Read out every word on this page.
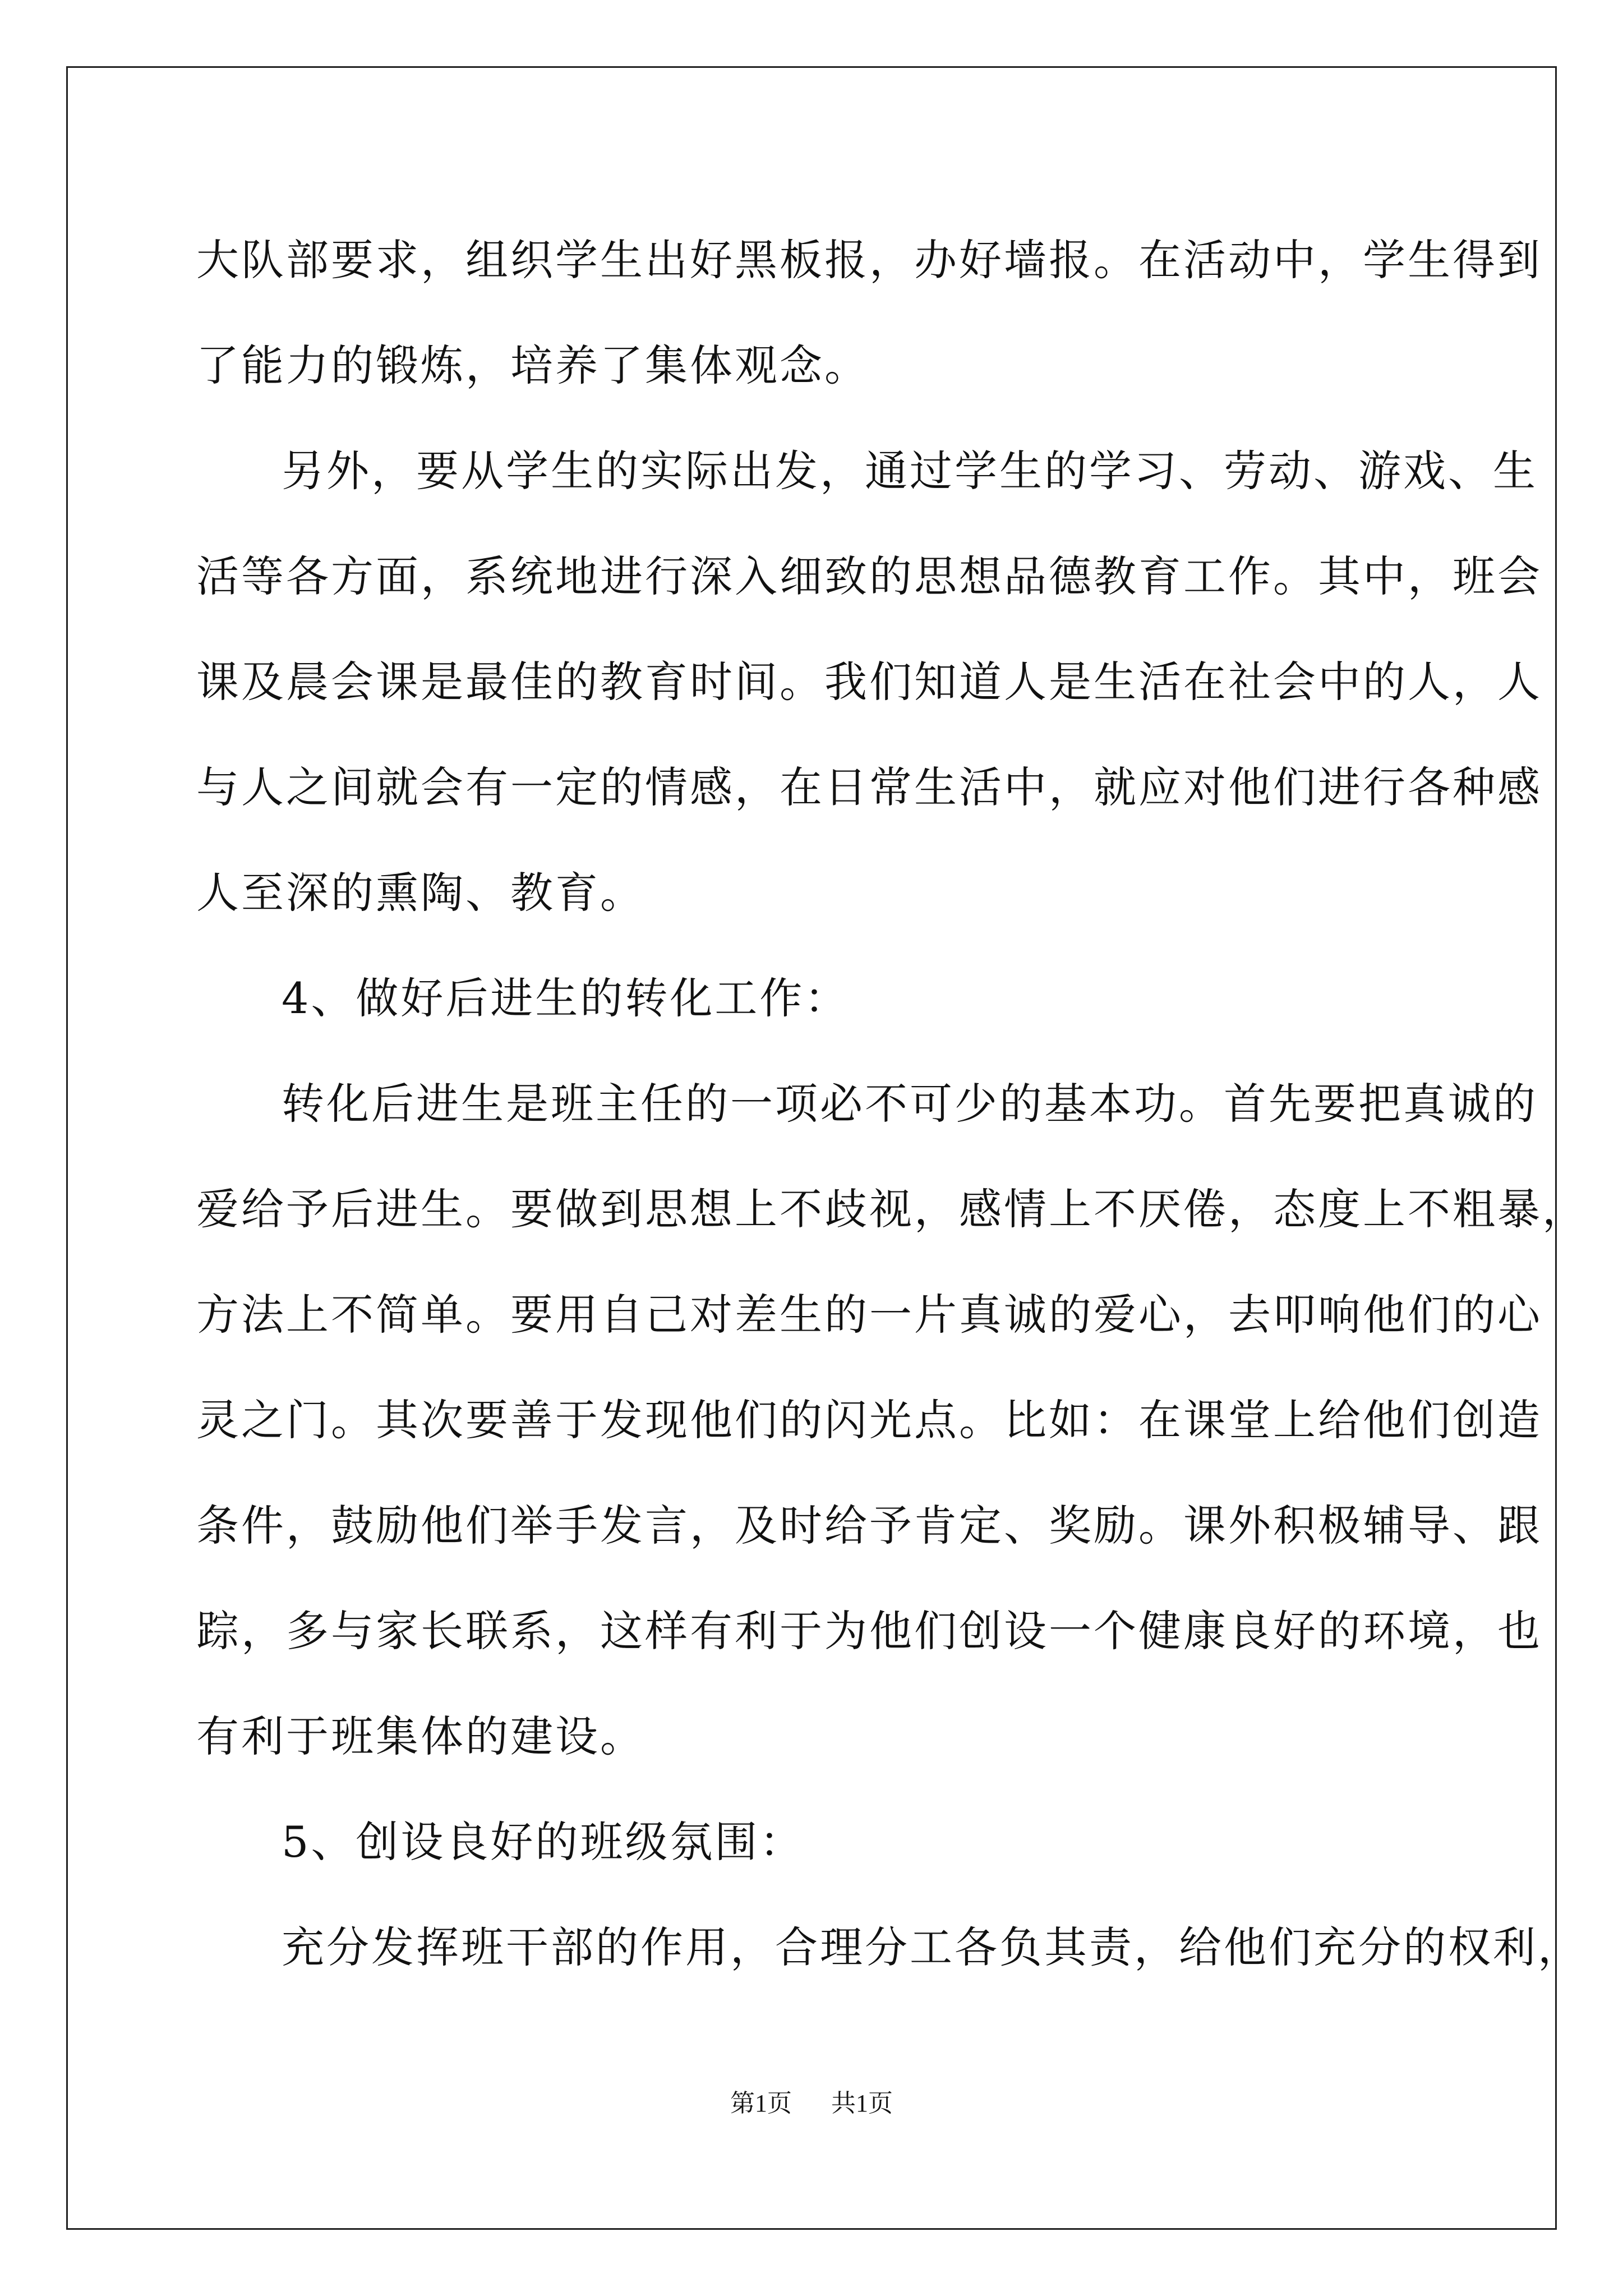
大队部要求，组织学生出好黑板报，办好墙报。在活动中，学生得到
了能力的锻炼，培养了集体观念。
另外，要从学生的实际出发，通过学生的学习、劳动、游戏、生
活等各方面，系统地进行深入细致的思想品德教育工作。其中，班会
课及晨会课是最佳的教育时间。我们知道人是生活在社会中的人，人
与人之间就会有一定的情感，在日常生活中，就应对他们进行各种感
人至深的熏陶、教育。
4、做好后进生的转化工作：
转化后进生是班主任的一项必不可少的基本功。首先要把真诚的
爱给予后进生。要做到思想上不歧视，感情上不厌倦，态度上不粗暴，
方法上不简单。要用自己对差生的一片真诚的爱心，去叩响他们的心
灵之门。其次要善于发现他们的闪光点。比如：在课堂上给他们创造
条件，鼓励他们举手发言，及时给予肯定、奖励。课外积极辅导、跟
踪，多与家长联系，这样有利于为他们创设一个健康良好的环境，也
有利于班集体的建设。
5、创设良好的班级氛围：
充分发挥班干部的作用，合理分工各负其责，给他们充分的权利，
第1页 共1页
